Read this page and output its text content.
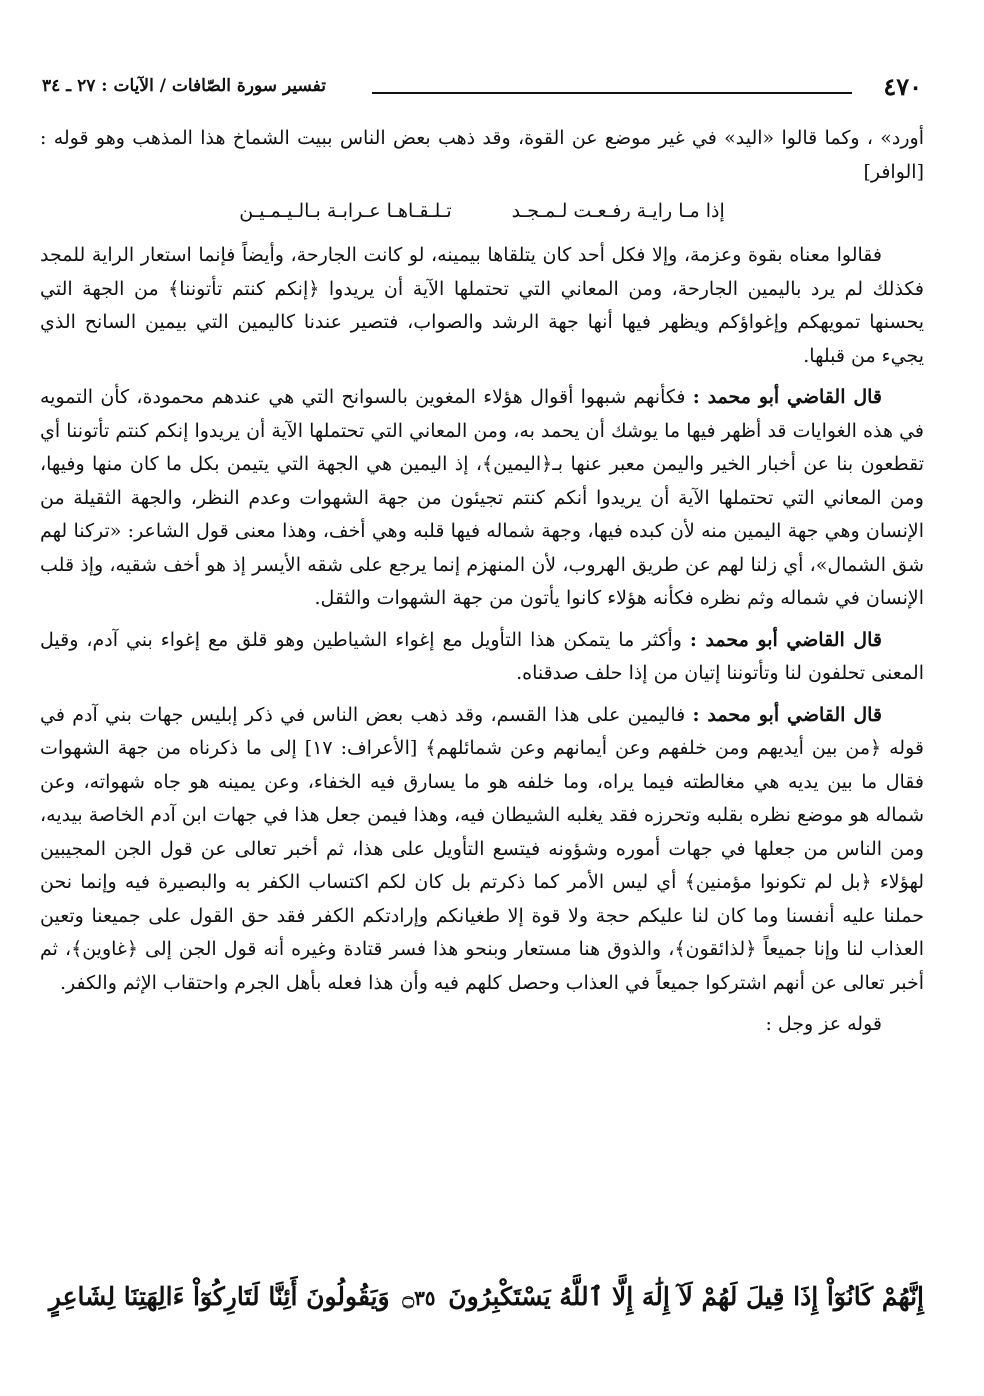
٤٧٠
تفسير سورة الصّافات / الآيات : ٢٧ ـ ٣٤

أورد» ، وكما قالوا «اليد» في غير موضع عن القوة، وقد ذهب بعض الناس ببيت الشماخ هذا المذهب وهو قوله : [الوافر]

إذا مـا رايـة رفـعـت لـمـجـد
تـلـقـاهـا عـرابـة بـالـيـمـيـن

فقالوا معناه بقوة وعزمة، وإلا فكل أحد كان يتلقاها بيمينه، لو كانت الجارحة، وأيضاً فإنما استعار الراية للمجد فكذلك لم يرد باليمين الجارحة، ومن المعاني التي تحتملها الآية أن يريدوا ﴿إنكم كنتم تأتوننا﴾ من الجهة التي يحسنها تمويهكم وإغواؤكم ويظهر فيها أنها جهة الرشد والصواب، فتصير عندنا كاليمين التي بيمين السانح الذي يجيء من قبلها.

قال القاضي أبو محمد : فكأنهم شبهوا أقوال هؤلاء المغوين بالسوانح التي هي عندهم محمودة، كأن التمويه في هذه الغوايات قد أظهر فيها ما يوشك أن يحمد به، ومن المعاني التي تحتملها الآية أن يريدوا إنكم كنتم تأتوننا أي تقطعون بنا عن أخبار الخير واليمن معبر عنها بـ﴿اليمين﴾، إذ اليمين هي الجهة التي يتيمن بكل ما كان منها وفيها، ومن المعاني التي تحتملها الآية أن يريدوا أنكم كنتم تجيئون من جهة الشهوات وعدم النظر، والجهة الثقيلة من الإنسان وهي جهة اليمين منه لأن كبده فيها، وجهة شماله فيها قلبه وهي أخف، وهذا معنى قول الشاعر: «تركنا لهم شق الشمال»، أي زلنا لهم عن طريق الهروب، لأن المنهزم إنما يرجع على شقه الأيسر إذ هو أخف شقيه، وإذ قلب الإنسان في شماله وثم نظره فكأنه هؤلاء كانوا يأتون من جهة الشهوات والثقل.

قال القاضي أبو محمد : وأكثر ما يتمكن هذا التأويل مع إغواء الشياطين وهو قلق مع إغواء بني آدم، وقيل المعنى تحلفون لنا وتأتوننا إتيان من إذا حلف صدقناه.

قال القاضي أبو محمد : فاليمين على هذا القسم، وقد ذهب بعض الناس في ذكر إبليس جهات بني آدم في قوله ﴿من بين أيديهم ومن خلفهم وعن أيمانهم وعن شمائلهم﴾ [الأعراف: ١٧] إلى ما ذكرناه من جهة الشهوات فقال ما بين يديه هي مغالطته فيما يراه، وما خلفه هو ما يسارق فيه الخفاء، وعن يمينه هو جاه شهواته، وعن شماله هو موضع نظره بقلبه وتحرزه فقد يغلبه الشيطان فيه، وهذا فيمن جعل هذا في جهات ابن آدم الخاصة بيديه، ومن الناس من جعلها في جهات أموره وشؤونه فيتسع التأويل على هذا، ثم أخبر تعالى عن قول الجن المجيبين لهؤلاء ﴿بل لم تكونوا مؤمنين﴾ أي ليس الأمر كما ذكرتم بل كان لكم اكتساب الكفر به والبصيرة فيه وإنما نحن حملنا عليه أنفسنا وما كان لنا عليكم حجة ولا قوة إلا طغيانكم وإرادتكم الكفر فقد حق القول على جميعنا وتعين العذاب لنا وإنا جميعاً ﴿لذائقون﴾، والذوق هنا مستعار وبنحو هذا فسر قتادة وغيره أنه قول الجن إلى ﴿غاوين﴾، ثم أخبر تعالى عن أنهم اشتركوا جميعاً في العذاب وحصل كلهم فيه وأن هذا فعله بأهل الجرم واحتقاب الإثم والكفر.

قوله عز وجل :

إِنَّهُمْ كَانُوٓاْ إِذَا قِيلَ لَهُمْ لَآ إِلَٰهَ إِلَّا ٱللَّهُ يَسْتَكْبِرُونَ ۝٣٥ وَيَقُولُونَ أَئِنَّا لَتَارِكُوٓاْ ءَالِهَتِنَا لِشَاعِرٍ
